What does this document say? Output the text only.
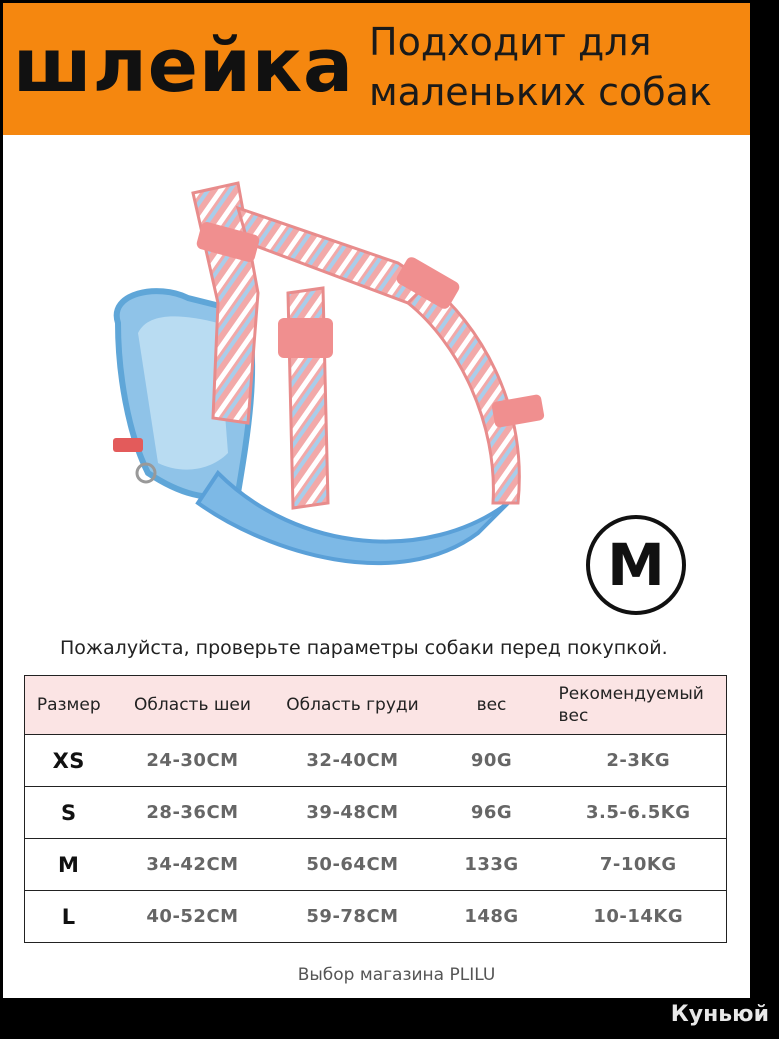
шлейка Подходит для
маленьких собак
M
Пожалуйста, проверьте параметры собаки перед покупкой.
Размер	Область шеи	Область груди	вес	Рекомендуемый вес
XS	24-30CM	32-40CM	90G	2-3KG
S	28-36CM	39-48CM	96G	3.5-6.5KG
M	34-42CM	50-64CM	133G	7-10KG
L	40-52CM	59-78CM	148G	10-14KG
Выбор магазина PLILU
Куньюй
